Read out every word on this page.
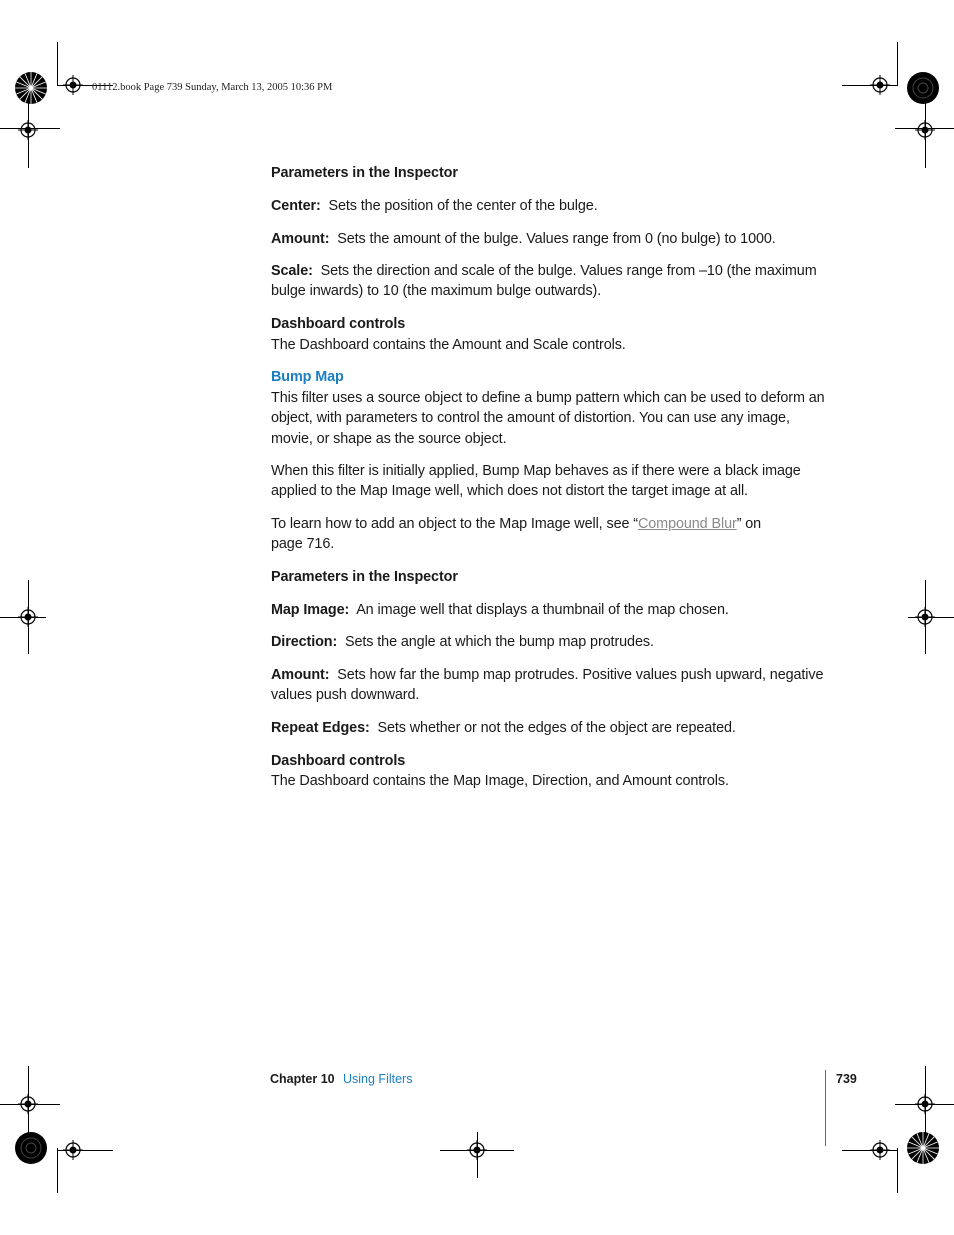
01112.book Page 739 Sunday, March 13, 2005 10:36 PM

Parameters in the Inspector

Center: Sets the position of the center of the bulge.

Amount: Sets the amount of the bulge. Values range from 0 (no bulge) to 1000.

Scale: Sets the direction and scale of the bulge. Values range from –10 (the maximum bulge inwards) to 10 (the maximum bulge outwards).

Dashboard controls

The Dashboard contains the Amount and Scale controls.

Bump Map

This filter uses a source object to define a bump pattern which can be used to deform an object, with parameters to control the amount of distortion. You can use any image, movie, or shape as the source object.

When this filter is initially applied, Bump Map behaves as if there were a black image applied to the Map Image well, which does not distort the target image at all.

To learn how to add an object to the Map Image well, see “Compound Blur” on page 716.

Parameters in the Inspector

Map Image: An image well that displays a thumbnail of the map chosen.

Direction: Sets the angle at which the bump map protrudes.

Amount: Sets how far the bump map protrudes. Positive values push upward, negative values push downward.

Repeat Edges: Sets whether or not the edges of the object are repeated.

Dashboard controls

The Dashboard contains the Map Image, Direction, and Amount controls.

Chapter 10 Using Filters	739
